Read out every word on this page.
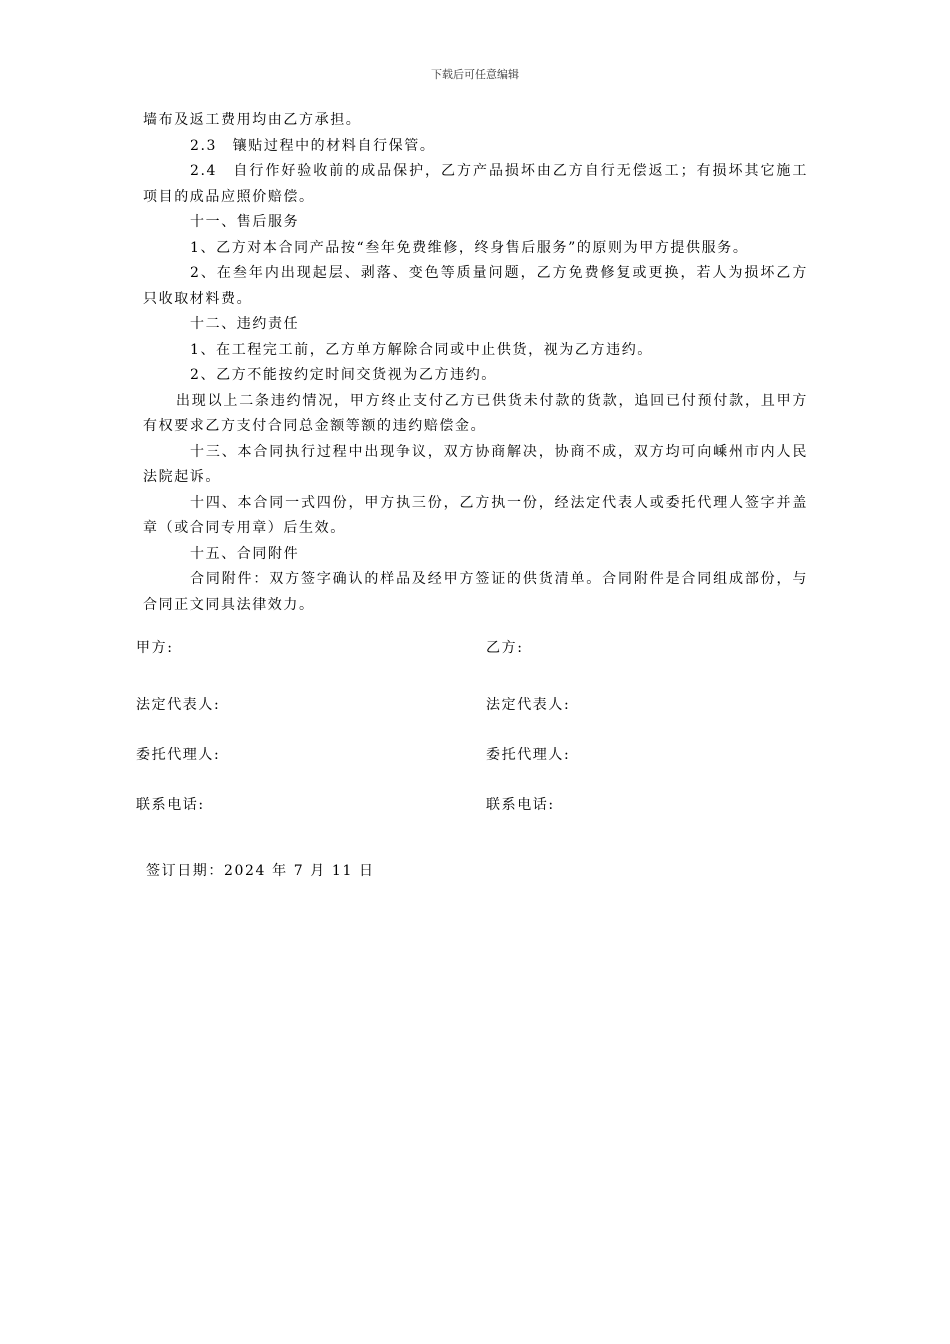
下载后可任意编辑

墙布及返工费用均由乙方承担。

2.3　镶贴过程中的材料自行保管。

2.4　自行作好验收前的成品保护，乙方产品损坏由乙方自行无偿返工；有损坏其它施工项目的成品应照价赔偿。

十一、售后服务

1、乙方对本合同产品按“叁年免费维修，终身售后服务”的原则为甲方提供服务。

2、在叁年内出现起层、剥落、变色等质量问题，乙方免费修复或更换，若人为损坏乙方只收取材料费。

十二、违约责任

1、在工程完工前，乙方单方解除合同或中止供货，视为乙方违约。

2、乙方不能按约定时间交货视为乙方违约。

出现以上二条违约情况，甲方终止支付乙方已供货未付款的货款，追回已付预付款，且甲方有权要求乙方支付合同总金额等额的违约赔偿金。

十三、本合同执行过程中出现争议，双方协商解决，协商不成，双方均可向嵊州市内人民法院起诉。

十四、本合同一式四份，甲方执三份，乙方执一份，经法定代表人或委托代理人签字并盖章（或合同专用章）后生效。

十五、合同附件

合同附件：双方签字确认的样品及经甲方签证的供货清单。合同附件是合同组成部份，与合同正文同具法律效力。

甲方:	乙方:
法定代表人:	法定代表人:
委托代理人:	委托代理人:
联系电话:	联系电话:
签订日期：2024 年 7 月 11 日
